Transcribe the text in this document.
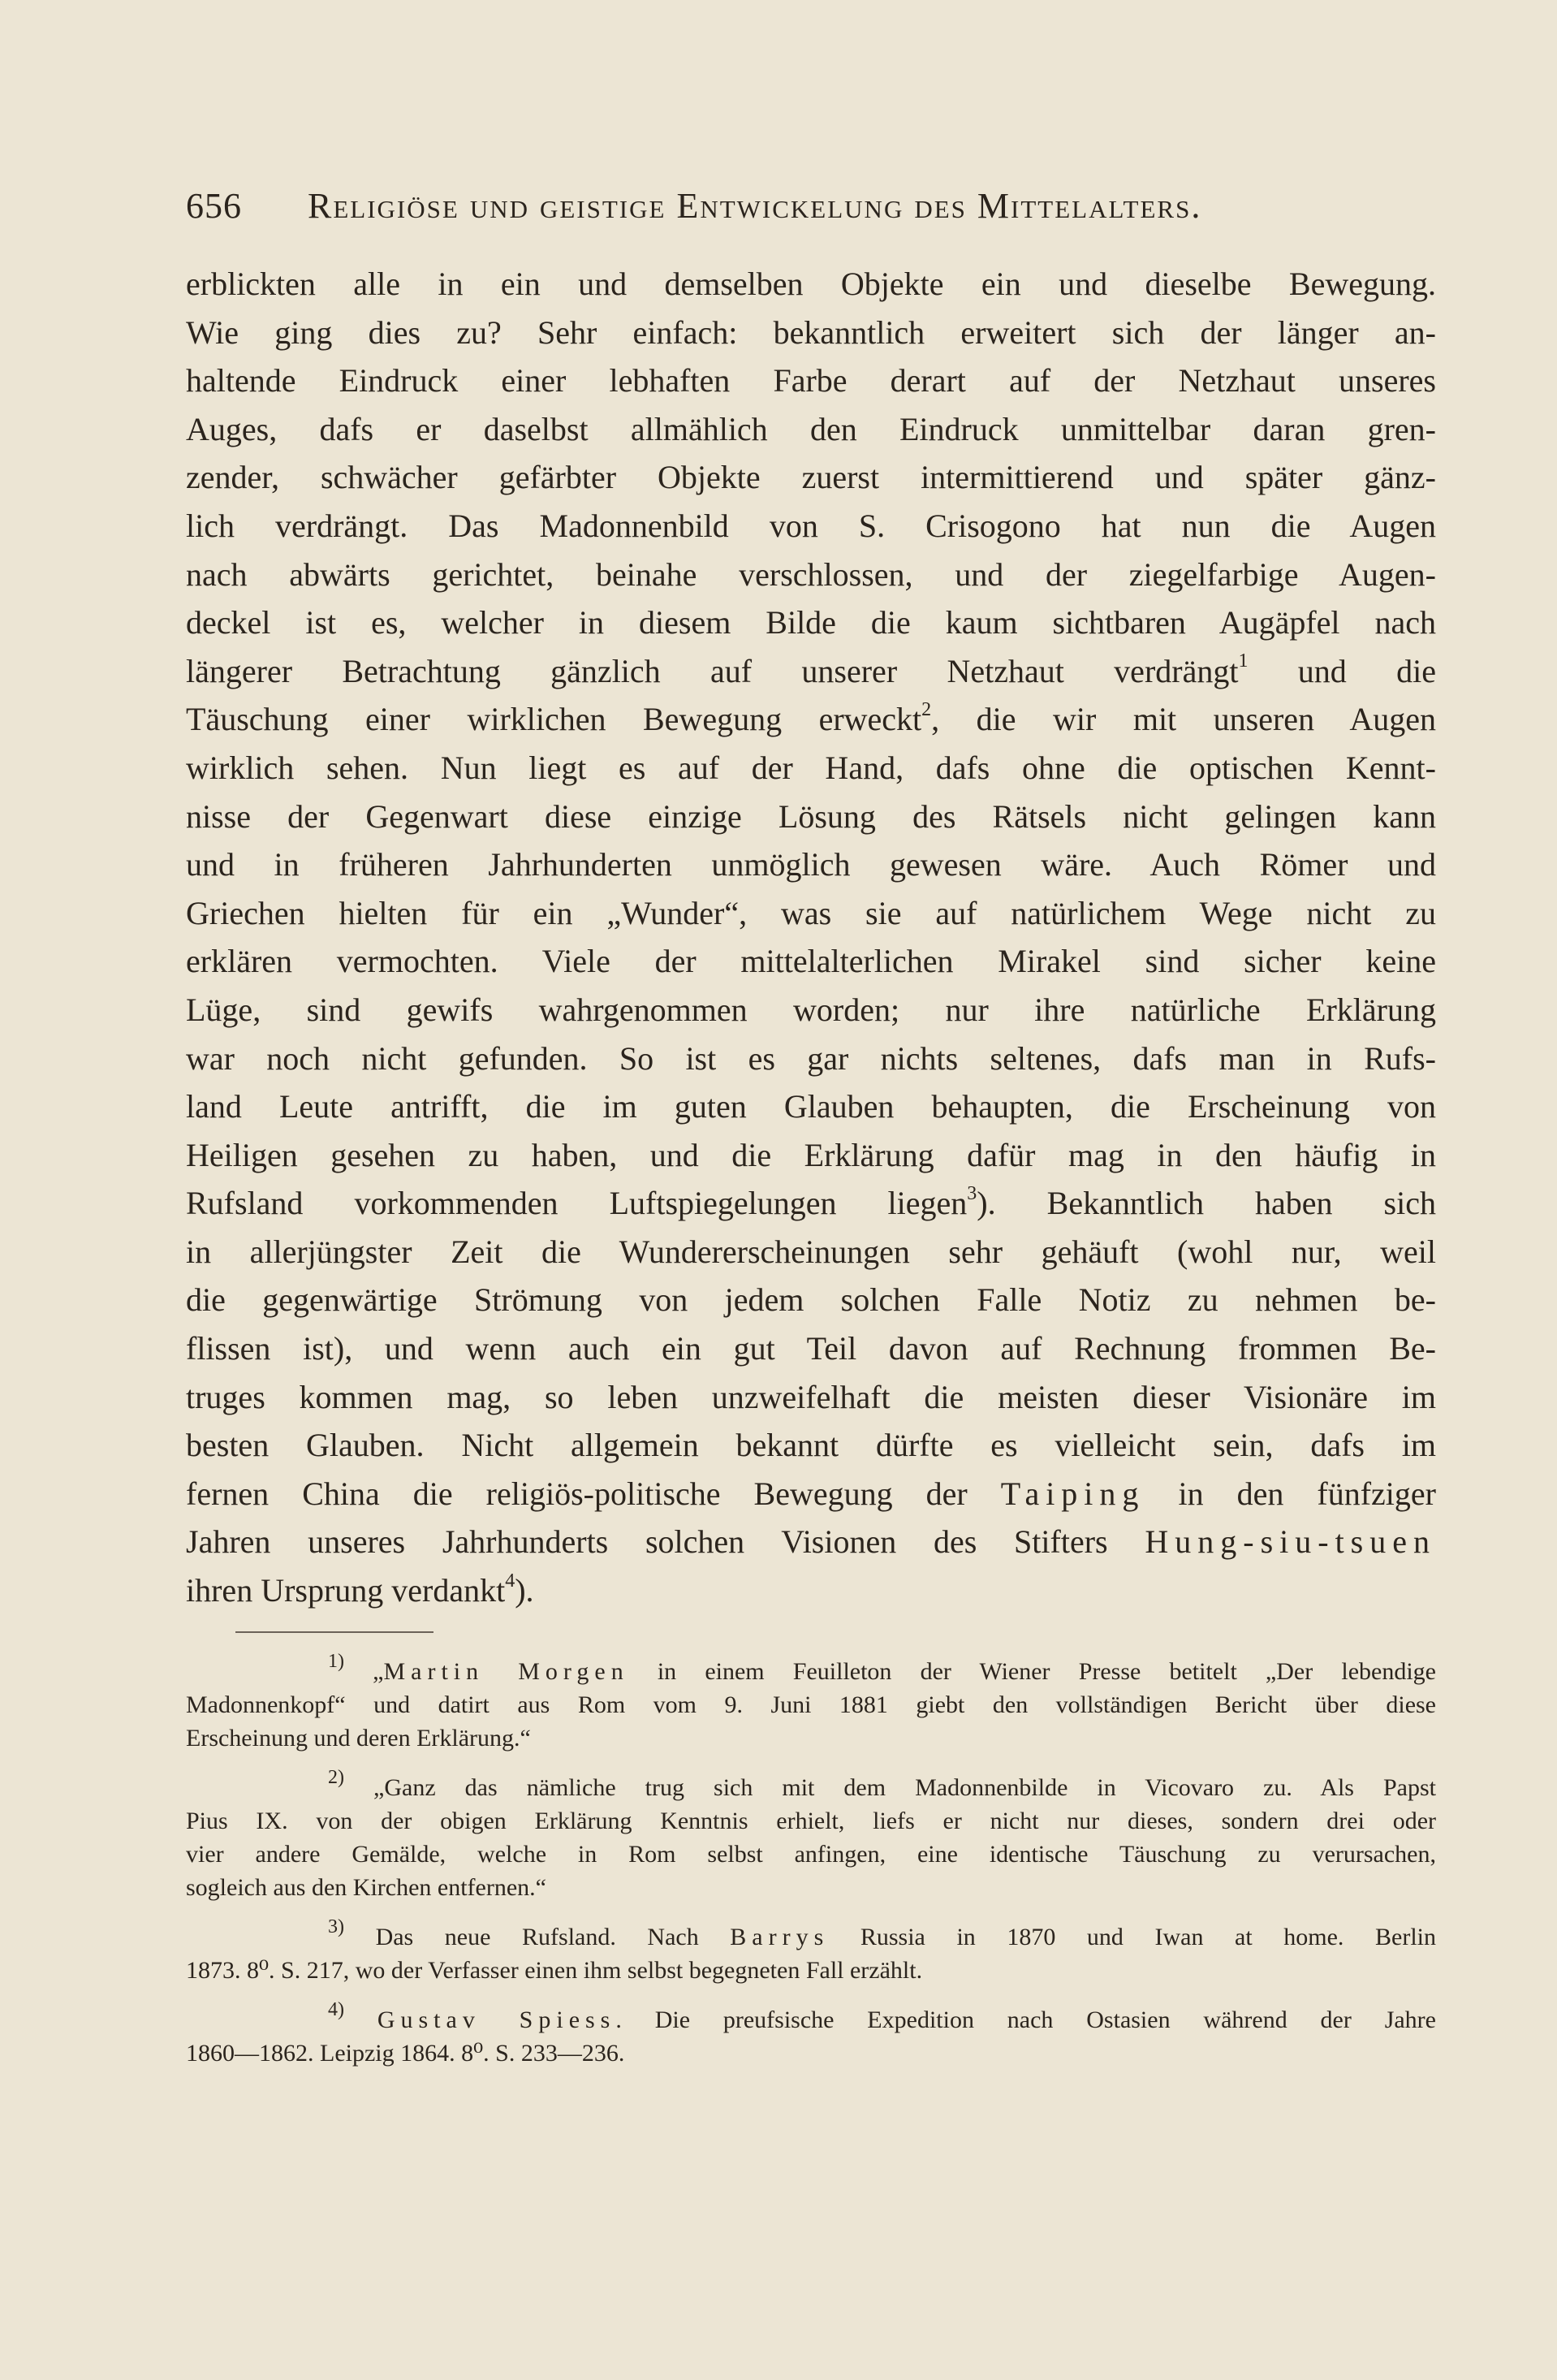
656 Religiöse und geistige Entwickelung des Mittelalters.
erblickten alle in ein und demselben Objekte ein und dieselbe Bewegung.
Wie ging dies zu? Sehr einfach: bekanntlich erweitert sich der länger an-
haltende Eindruck einer lebhaften Farbe derart auf der Netzhaut unseres
Auges, dafs er daselbst allmählich den Eindruck unmittelbar daran gren-
zender, schwächer gefärbter Objekte zuerst intermittierend und später gänz-
lich verdrängt. Das Madonnenbild von S. Crisogono hat nun die Augen
nach abwärts gerichtet, beinahe verschlossen, und der ziegelfarbige Augen-
deckel ist es, welcher in diesem Bilde die kaum sichtbaren Augäpfel nach
längerer Betrachtung gänzlich auf unserer Netzhaut verdrängt$^1$ und die
Täuschung einer wirklichen Bewegung erweckt$^2$, die wir mit unseren Augen
wirklich sehen. Nun liegt es auf der Hand, dafs ohne die optischen Kennt-
nisse der Gegenwart diese einzige Lösung des Rätsels nicht gelingen kann
und in früheren Jahrhunderten unmöglich gewesen wäre. Auch Römer und
Griechen hielten für ein „Wunder“, was sie auf natürlichem Wege nicht zu
erklären vermochten. Viele der mittelalterlichen Mirakel sind sicher keine
Lüge, sind gewifs wahrgenommen worden; nur ihre natürliche Erklärung
war noch nicht gefunden. So ist es gar nichts seltenes, dafs man in Rufs-
land Leute antrifft, die im guten Glauben behaupten, die Erscheinung von
Heiligen gesehen zu haben, und die Erklärung dafür mag in den häufig in
Rufsland vorkommenden Luftspiegelungen liegen$^3$). Bekanntlich haben sich
in allerjüngster Zeit die Wundererscheinungen sehr gehäuft (wohl nur, weil
die gegenwärtige Strömung von jedem solchen Falle Notiz zu nehmen be-
flissen ist), und wenn auch ein gut Teil davon auf Rechnung frommen Be-
truges kommen mag, so leben unzweifelhaft die meisten dieser Visionäre im
besten Glauben. Nicht allgemein bekannt dürfte es vielleicht sein, dafs im
fernen China die religiös-politische Bewegung der Taiping in den fünfziger
Jahren unseres Jahrhunderts solchen Visionen des Stifters Hung-siu-tsuen
ihren Ursprung verdankt$^4$).
$^{1)}$ „Martin Morgen in einem Feuilleton der Wiener Presse betitelt „Der lebendige
Madonnenkopf“ und datirt aus Rom vom 9. Juni 1881 giebt den vollständigen Bericht über diese
Erscheinung und deren Erklärung.“
$^{2)}$ „Ganz das nämliche trug sich mit dem Madonnenbilde in Vicovaro zu. Als Papst
Pius IX. von der obigen Erklärung Kenntnis erhielt, liefs er nicht nur dieses, sondern drei oder
vier andere Gemälde, welche in Rom selbst anfingen, eine identische Täuschung zu verursachen,
sogleich aus den Kirchen entfernen.“
$^{3)}$ Das neue Rufsland. Nach Barrys Russia in 1870 und Iwan at home. Berlin
1873. 8⁰. S. 217, wo der Verfasser einen ihm selbst begegneten Fall erzählt.
$^{4)}$ Gustav Spiess. Die preufsische Expedition nach Ostasien während der Jahre
1860—1862. Leipzig 1864. 8⁰. S. 233—236.
